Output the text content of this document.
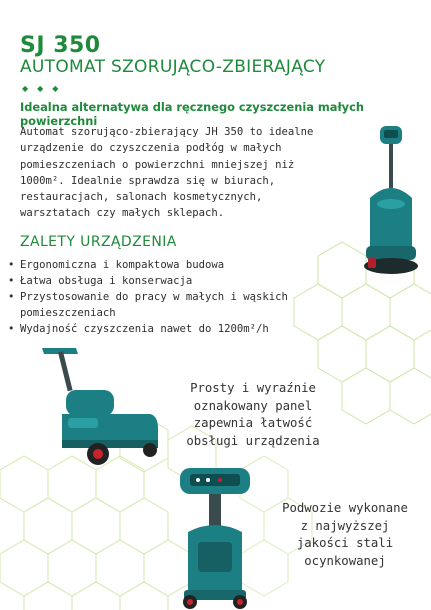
SJ 350
AUTOMAT SZORUJĄCO-ZBIERAJĄCY
◆◆◆
Idealna alternatywa dla ręcznego czyszczenia małych powierzchni
Automat szorująco-zbierający JH 350 to idealne urządzenie do czyszczenia podłóg w małych pomieszczeniach o powierzchni mniejszej niż 1000m². Idealnie sprawdza się w biurach, restauracjach, salonach kosmetycznych, warsztatach czy małych sklepach.
ZALETY URZĄDZENIA
• Ergonomiczna i kompaktowa budowa
• Łatwa obsługa i konserwacja
• Przystosowanie do pracy w małych i wąskich pomieszczeniach
• Wydajność czyszczenia nawet do 1200m²/h
Prosty i wyraźnie oznakowany panel zapewnia łatwość obsługi urządzenia
Podwozie wykonane z najwyższej jakości stali ocynkowanej
